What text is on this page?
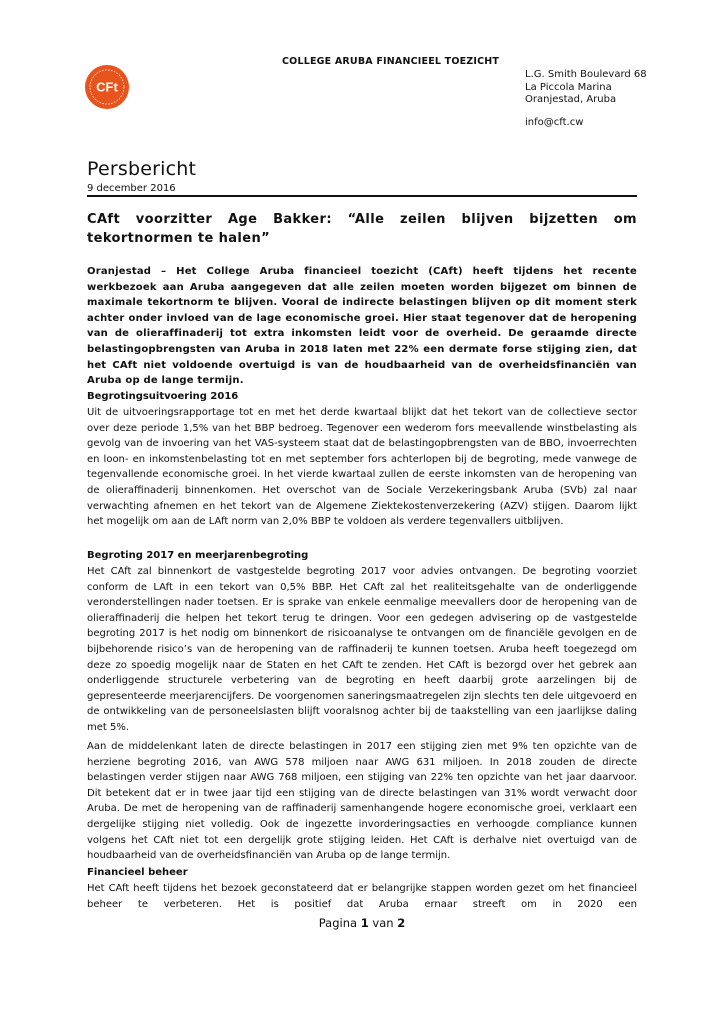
COLLEGE ARUBA FINANCIEEL TOEZICHT
CFt
L.G. Smith Boulevard 68
La Piccola Marina
Oranjestad, Aruba
info@cft.cw
Persbericht
9 december 2016
CAft voorzitter Age Bakker: “Alle zeilen blijven bijzetten om tekortnormen te halen”
Oranjestad – Het College Aruba financieel toezicht (CAft) heeft tijdens het recente werkbezoek aan Aruba aangegeven dat alle zeilen moeten worden bijgezet om binnen de maximale tekortnorm te blijven. Vooral de indirecte belastingen blijven op dit moment sterk achter onder invloed van de lage economische groei. Hier staat tegenover dat de heropening van de olieraffinaderij tot extra inkomsten leidt voor de overheid. De geraamde directe belastingopbrengsten van Aruba in 2018 laten met 22% een dermate forse stijging zien, dat het CAft niet voldoende overtuigd is van de houdbaarheid van de overheidsfinanciën van Aruba op de lange termijn.
Begrotingsuitvoering 2016
Uit de uitvoeringsrapportage tot en met het derde kwartaal blijkt dat het tekort van de collectieve sector over deze periode 1,5% van het BBP bedroeg. Tegenover een wederom fors meevallende winstbelasting als gevolg van de invoering van het VAS-systeem staat dat de belastingopbrengsten van de BBO, invoerrechten en loon- en inkomstenbelasting tot en met september fors achterlopen bij de begroting, mede vanwege de tegenvallende economische groei. In het vierde kwartaal zullen de eerste inkomsten van de heropening van de olieraffinaderij binnenkomen. Het overschot van de Sociale Verzekeringsbank Aruba (SVb) zal naar verwachting afnemen en het tekort van de Algemene Ziektekostenverzekering (AZV) stijgen. Daarom lijkt het mogelijk om aan de LAft norm van 2,0% BBP te voldoen als verdere tegenvallers uitblijven.
Begroting 2017 en meerjarenbegroting
Het CAft zal binnenkort de vastgestelde begroting 2017 voor advies ontvangen. De begroting voorziet conform de LAft in een tekort van 0,5% BBP. Het CAft zal het realiteitsgehalte van de onderliggende veronderstellingen nader toetsen. Er is sprake van enkele eenmalige meevallers door de heropening van de olieraffinaderij die helpen het tekort terug te dringen. Voor een gedegen advisering op de vastgestelde begroting 2017 is het nodig om binnenkort de risicoanalyse te ontvangen om de financiële gevolgen en de bijbehorende risico’s van de heropening van de raffinaderij te kunnen toetsen. Aruba heeft toegezegd om deze zo spoedig mogelijk naar de Staten en het CAft te zenden. Het CAft is bezorgd over het gebrek aan onderliggende structurele verbetering van de begroting en heeft daarbij grote aarzelingen bij de gepresenteerde meerjarencijfers. De voorgenomen saneringsmaatregelen zijn slechts ten dele uitgevoerd en de ontwikkeling van de personeelslasten blijft vooralsnog achter bij de taakstelling van een jaarlijkse daling met 5%.
Aan de middelenkant laten de directe belastingen in 2017 een stijging zien met 9% ten opzichte van de herziene begroting 2016, van AWG 578 miljoen naar AWG 631 miljoen. In 2018 zouden de directe belastingen verder stijgen naar AWG 768 miljoen, een stijging van 22% ten opzichte van het jaar daarvoor. Dit betekent dat er in twee jaar tijd een stijging van de directe belastingen van 31% wordt verwacht door Aruba. De met de heropening van de raffinaderij samenhangende hogere economische groei, verklaart een dergelijke stijging niet volledig. Ook de ingezette invorderingsacties en verhoogde compliance kunnen volgens het CAft niet tot een dergelijk grote stijging leiden. Het CAft is derhalve niet overtuigd van de houdbaarheid van de overheidsfinanciën van Aruba op de lange termijn.
Financieel beheer
Het CAft heeft tijdens het bezoek geconstateerd dat er belangrijke stappen worden gezet om het financieel beheer te verbeteren. Het is positief dat Aruba ernaar streeft om in 2020 een
Pagina 1 van 2
